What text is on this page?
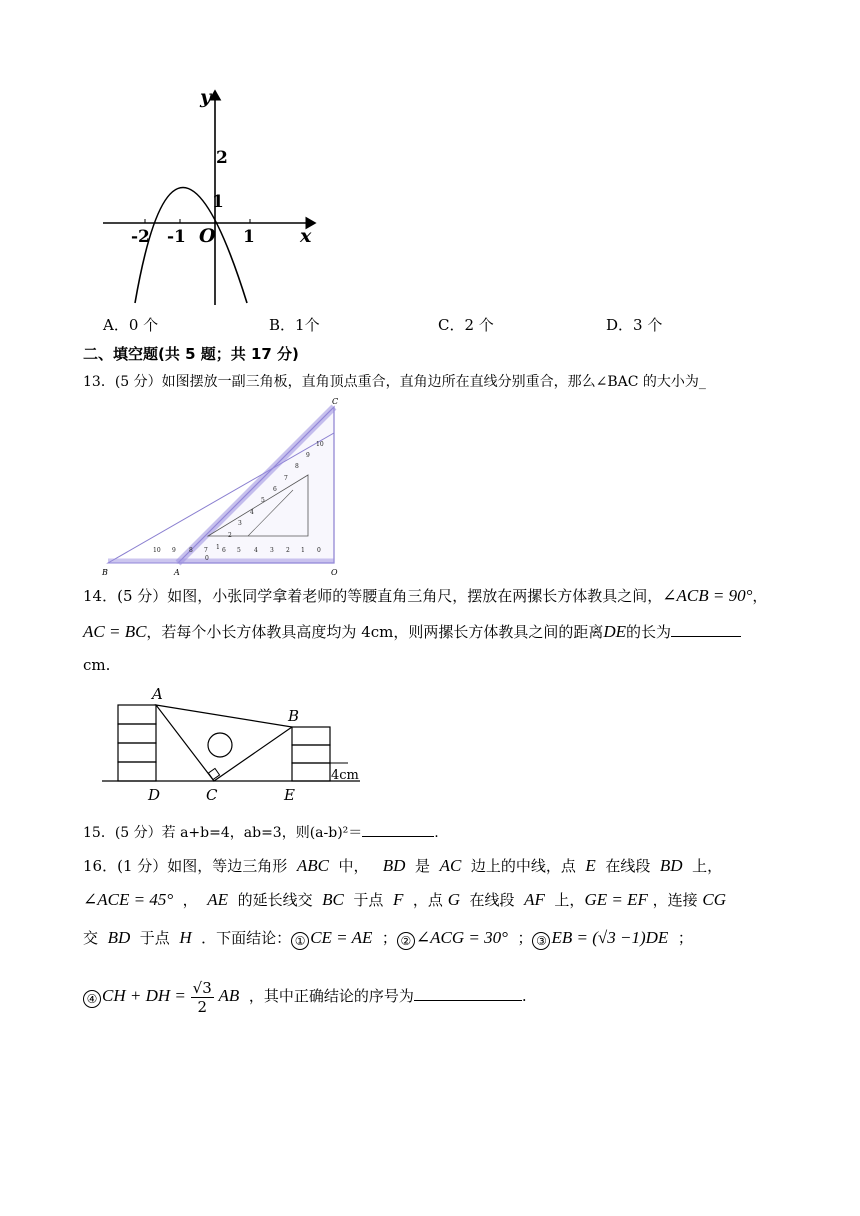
y
x
2
1
-2 -1 O 1
A．0 个	B．1个	C．2 个	D．3 个
二、填空题(共 5 题；共 17 分)
13．(5 分）如图摆放一副三角板，直角顶点重合，直角边所在直线分别重合，那么∠BAC 的大小为_
10 9 8 7 6 5 4 3 2 1 0
0
1
2
3
4
5
6
7
8
9
10
B	A
C
O
14．(5 分）如图，小张同学拿着老师的等腰直角三角尺，摆放在两摞长方体教具之间，∠ACB = 90°，
AC = BC，若每个小长方体教具高度均为 4cm，则两摞长方体教具之间的距离DE的长为
cm.
A
B
D	C	E
4cm
15．(5 分）若 a+b=4，ab=3，则(a-b)²＝	.
16．(1 分）如图，等边三角形 ABC 中， BD 是 AC 边上的中线，点 E 在线段 BD 上，
∠ACE = 45° ， AE 的延长线交 BC 于点 F ，点 G 在线段 AF 上，GE = EF ，连接 CG
交 BD 于点 H ．下面结论： ① CE = AE ； ② ∠ACG = 30° ； ③ EB = (√3 −1)DE ；
④ CH + DH = $\frac{√3}{2}$ AB ，其中正确结论的序号为	.
